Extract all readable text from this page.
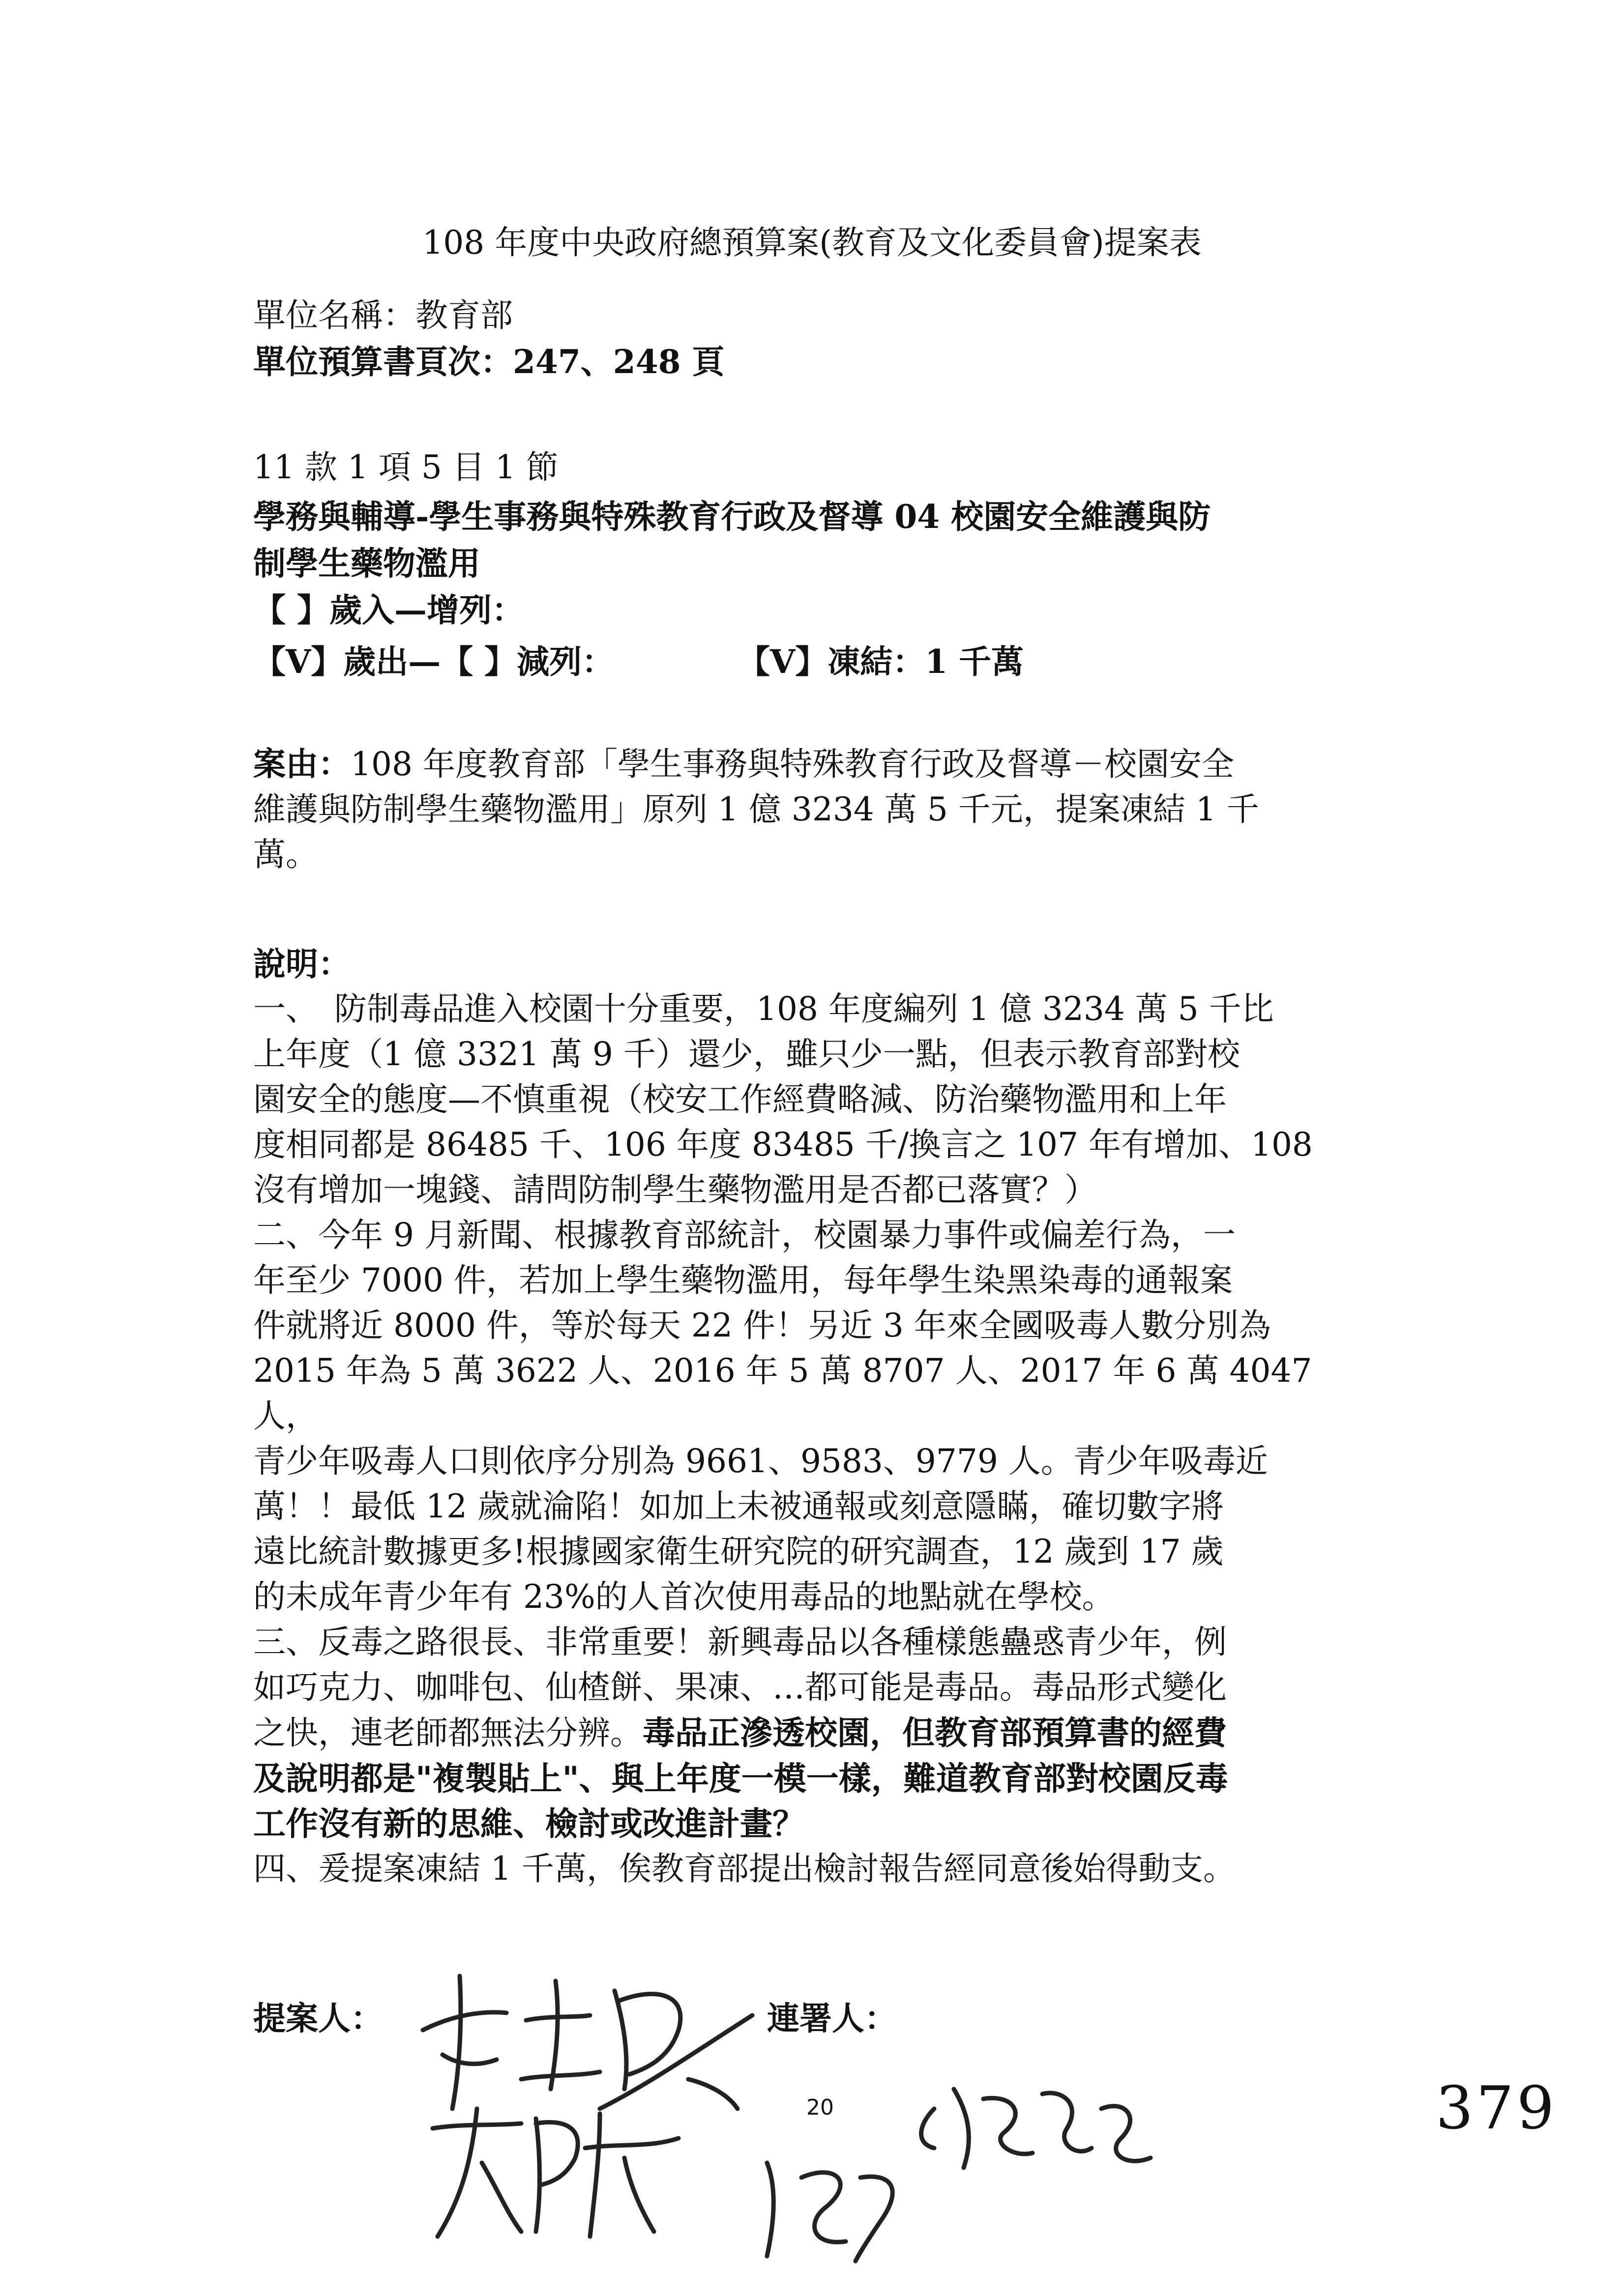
108 年度中央政府總預算案(教育及文化委員會)提案表
單位名稱：教育部
單位預算書頁次：247、248 頁
11 款 1 項 5 目 1 節
學務與輔導-學生事務與特殊教育行政及督導 04 校園安全維護與防
制學生藥物濫用
【 】歲入—增列：
【V】歲出—【 】減列：	【V】凍結：1 千萬

案由：108 年度教育部「學生事務與特殊教育行政及督導－校園安全

維護與防制學生藥物濫用」原列 1 億 3234 萬 5 千元，提案凍結 1 千

萬。

說明：

一、　防制毒品進入校園十分重要，108 年度編列 1 億 3234 萬 5 千比

上年度（1 億 3321 萬 9 千）還少，雖只少一點，但表示教育部對校

園安全的態度—不慎重視（校安工作經費略減、防治藥物濫用和上年

度相同都是 86485 千、106 年度 83485 千/換言之 107 年有增加、108

沒有增加一塊錢、請問防制學生藥物濫用是否都已落實？）

二、今年 9 月新聞、根據教育部統計，校園暴力事件或偏差行為，一

年至少 7000 件，若加上學生藥物濫用，每年學生染黑染毒的通報案

件就將近 8000 件，等於每天 22 件！另近 3 年來全國吸毒人數分別為

2015 年為 5 萬 3622 人、2016 年 5 萬 8707 人、2017 年 6 萬 4047 人，

青少年吸毒人口則依序分別為 9661、9583、9779 人。青少年吸毒近

萬！！最低 12 歲就淪陷！如加上未被通報或刻意隱瞞，確切數字將

遠比統計數據更多!根據國家衛生研究院的研究調查，12 歲到 17 歲

的未成年青少年有 23%的人首次使用毒品的地點就在學校。

三、反毒之路很長、非常重要！新興毒品以各種樣態蠱惑青少年，例

如巧克力、咖啡包、仙楂餅、果凍、…都可能是毒品。毒品形式變化

之快，連老師都無法分辨。毒品正滲透校園，但教育部預算書的經費

及說明都是"複製貼上"、與上年度一模一樣，難道教育部對校園反毒

工作沒有新的思維、檢討或改進計畫？

四、爰提案凍結 1 千萬，俟教育部提出檢討報告經同意後始得動支。

提案人：	連署人：
20	379
